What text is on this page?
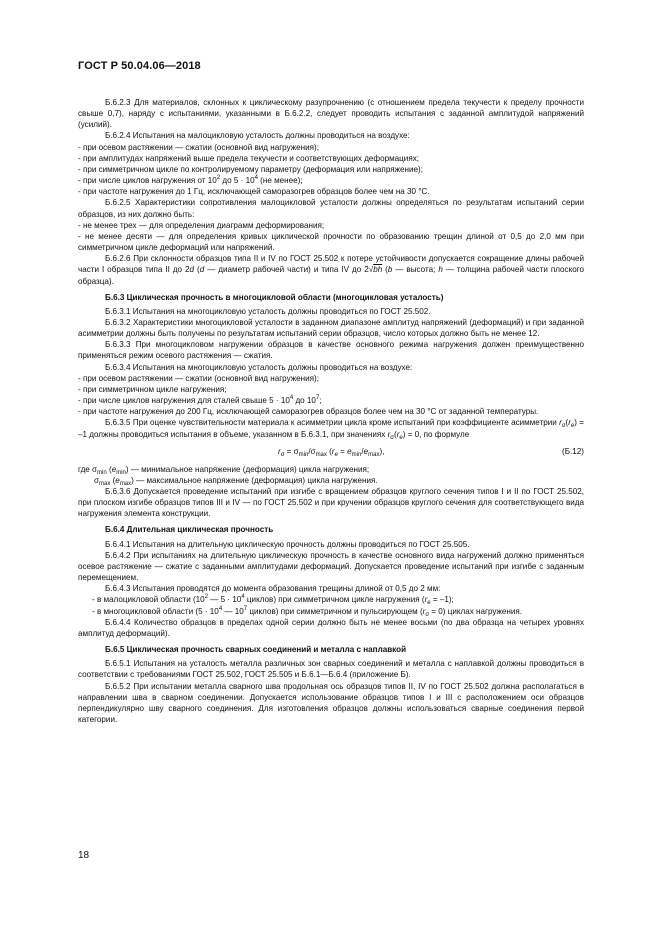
ГОСТ Р 50.04.06—2018

Б.6.2.3 Для материалов, склонных к циклическому разупрочнению (с отношением предела текучести к пределу прочности свыше 0,7), наряду с испытаниями, указанными в Б.6.2.2, следует проводить испытания с заданной амплитудой напряжений (усилий).

Б.6.2.4 Испытания на малоцикловую усталость должны проводиться на воздухе:

- при осевом растяжении — сжатии (основной вид нагружения);

- при амплитудах напряжений выше предела текучести и соответствующих деформациях;

- при симметричном цикле по контролируемому параметру (деформация или напряжение);

- при числе циклов нагружения от $10^2$ до $5 \cdot 10^4$ (не менее);

- при частоте нагружения до 1 Гц, исключающей саморазогрев образцов более чем на 30 °С.

Б.6.2.5 Характеристики сопротивления малоцикловой усталости должны определяться по результатам испытаний серии образцов, из них должно быть:

- не менее трех — для определения диаграмм деформирования;

- не менее десяти — для определения кривых циклической прочности по образованию трещин длиной от 0,5 до 2,0 мм при симметричном цикле деформаций или напряжений.

Б.6.2.6 При склонности образцов типа II и IV по ГОСТ 25.502 к потере устойчивости допускается сокращение длины рабочей части I образцов типа II до 2d (d — диаметр рабочей части) и типа IV до 2√bh (b — высота; h — толщина рабочей части плоского образца).

Б.6.3 Циклическая прочность в многоцикловой области (многоцикловая усталость)

Б.6.3.1 Испытания на многоцикловую усталость должны проводиться по ГОСТ 25.502.

Б.6.3.2 Характеристики многоцикловой усталости в заданном диапазоне амплитуд напряжений (деформаций) и при заданной асимметрии должны быть получены по результатам испытаний серии образцов, число которых должно быть не менее 12.

Б.6.3.3 При многоцикловом нагружении образцов в качестве основного режима нагружения должен преимущественно применяться режим осевого растяжения — сжатия.

Б.6.3.4 Испытания на многоцикловую усталость должны проводиться на воздухе:

- при осевом растяжении — сжатии (основной вид нагружения);

- при симметричном цикле нагружения;

- при числе циклов нагружения для сталей свыше $5 \cdot 10^4$ до $10^7$;

- при частоте нагружения до 200 Гц, исключающей саморазогрев образцов более чем на 30 °С от заданной температуры.

Б.6.3.5 При оценке чувствительности материала к асимметрии цикла кроме испытаний при коэффициенте асимметрии $r_\sigma(r_e) = -1$ должны проводиться испытания в объеме, указанном в Б.6.3.1, при значениях $r_\sigma(r_e) = 0$, по формуле

$r_\sigma = \sigma_{min}/\sigma_{max}$ $(r_e = e_{min}/e_{max})$,	(Б.12)

где $\sigma_{min}$ $(e_{min})$ — минимальное напряжение (деформация) цикла нагружения;

$\sigma_{max}$ $(e_{max})$ — максимальное напряжение (деформация) цикла нагружения.

Б.6.3.6 Допускается проведение испытаний при изгибе с вращением образцов круглого сечения типов I и II по ГОСТ 25.502, при плоском изгибе образцов типов III и IV — по ГОСТ 25.502 и при кручении образцов круглого сечения для соответствующего вида нагружения элемента конструкции.

Б.6.4 Длительная циклическая прочность

Б.6.4.1 Испытания на длительную циклическую прочность должны проводиться по ГОСТ 25.505.

Б.6.4.2 При испытаниях на длительную циклическую прочность в качестве основного вида нагружений должно применяться осевое растяжение — сжатие с заданными амплитудами деформаций. Допускается проведение испытаний при изгибе с заданным перемещением.

Б.6.4.3 Испытания проводятся до момента образования трещины длиной от 0,5 до 2 мм:

- в малоцикловой области ($10^2$ — $5 \cdot 10^4$ циклов) при симметричном цикле нагружения $(r_e = -1)$;

- в многоцикловой области ($5 \cdot 10^4$ — $10^7$ циклов) при симметричном и пульсирующем $(r_\sigma = 0)$ циклах нагружения.

Б.6.4.4 Количество образцов в пределах одной серии должно быть не менее восьми (по два образца на четырех уровнях амплитуд деформаций).

Б.6.5 Циклическая прочность сварных соединений и металла с наплавкой

Б.6.5.1 Испытания на усталость металла различных зон сварных соединений и металла с наплавкой должны проводиться в соответствии с требованиями ГОСТ 25.502, ГОСТ 25.505 и Б.6.1—Б.6.4 (приложение Б).

Б.6.5.2 При испытании металла сварного шва продольная ось образцов типов II, IV по ГОСТ 25.502 должна располагаться в направлении шва в сварном соединении. Допускается использование образцов типов I и III с расположением оси образцов перпендикулярно шву сварного соединения. Для изготовления образцов должны использоваться сварные соединения первой категории.

18
